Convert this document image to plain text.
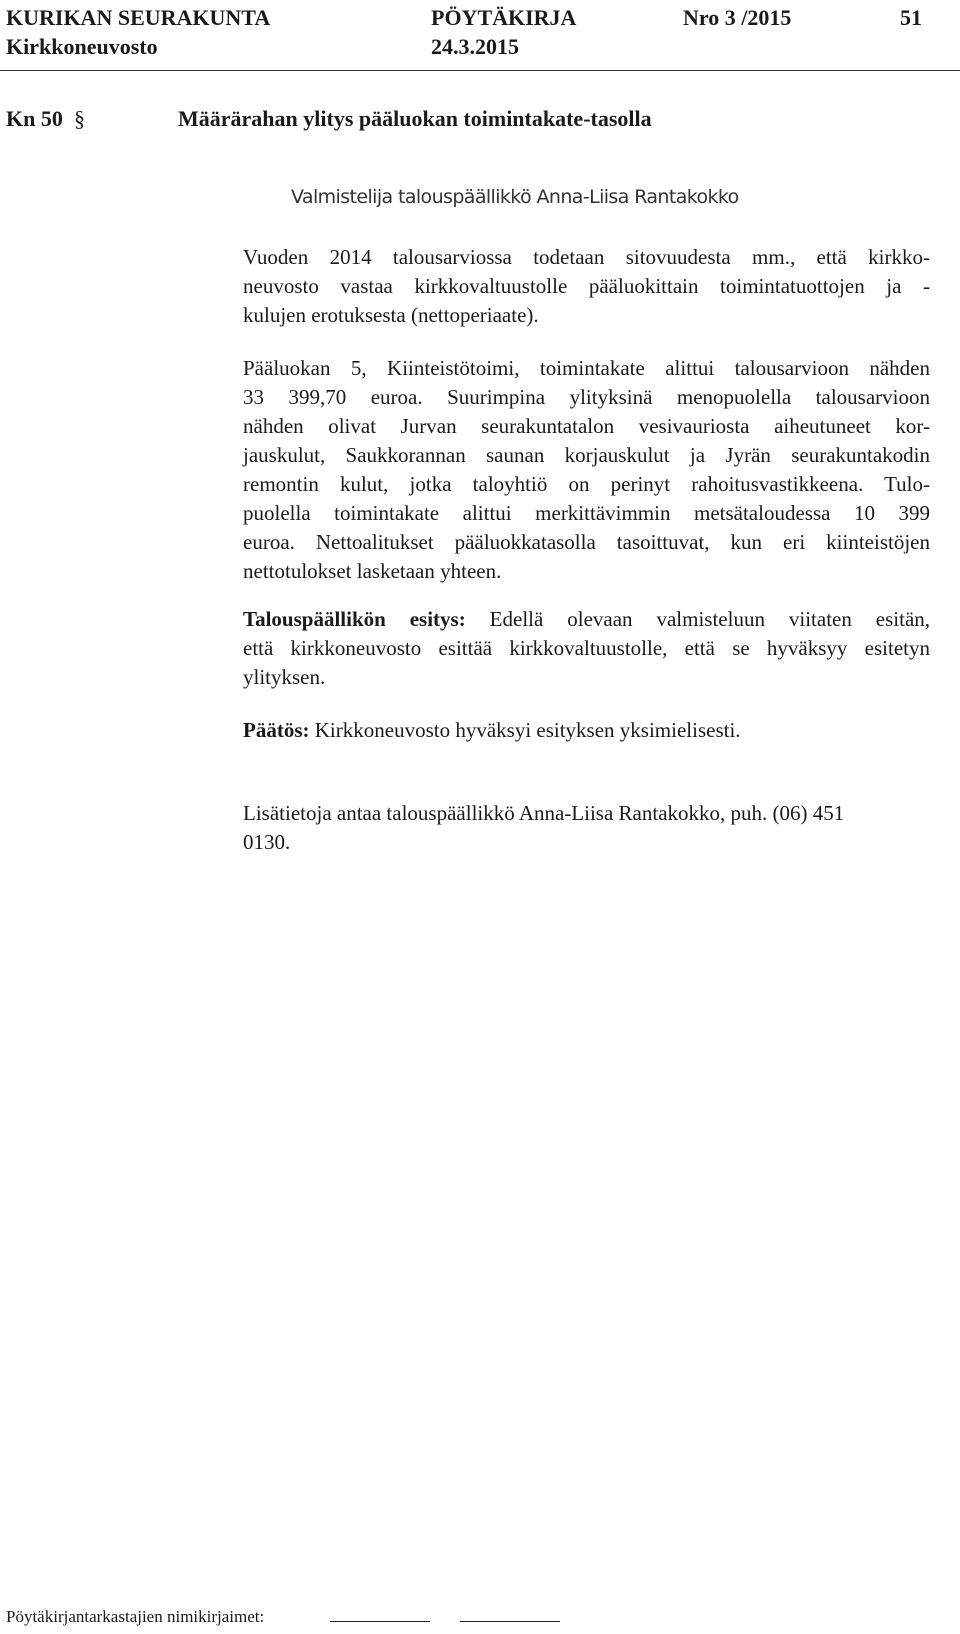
KURIKAN SEURAKUNTA	PÖYTÄKIRJA	Nro 3 /2015	51
Kirkkoneuvosto	24.3.2015
Kn 50 §	Määrärahan ylitys pääluokan toimintakate-tasolla
Valmistelija talouspäällikkö Anna-Liisa Rantakokko
Vuoden 2014 talousarviossa todetaan sitovuudesta mm., että kirkko-
neuvosto vastaa kirkkovaltuustolle pääluokittain toimintatuottojen ja -
kulujen erotuksesta (nettoperiaate).
Pääluokan 5, Kiinteistötoimi, toimintakate alittui talousarvioon nähden
33 399,70 euroa. Suurimpina ylityksinä menopuolella talousarvioon
nähden olivat Jurvan seurakuntatalon vesivauriosta aiheutuneet kor-
jauskulut, Saukkorannan saunan korjauskulut ja Jyrän seurakuntakodin
remontin kulut, jotka taloyhtiö on perinyt rahoitusvastikkeena. Tulo-
puolella toimintakate alittui merkittävimmin metsätaloudessa 10 399
euroa. Nettoalitukset pääluokkatasolla tasoittuvat, kun eri kiinteistöjen
nettotulokset lasketaan yhteen.
Talouspäällikön esitys: Edellä olevaan valmisteluun viitaten esitän,
että kirkkoneuvosto esittää kirkkovaltuustolle, että se hyväksyy esitetyn
ylityksen.
Päätös: Kirkkoneuvosto hyväksyi esityksen yksimielisesti.
Lisätietoja antaa talouspäällikkö Anna-Liisa Rantakokko, puh. (06) 451
0130.
Pöytäkirjantarkastajien nimikirjaimet:
